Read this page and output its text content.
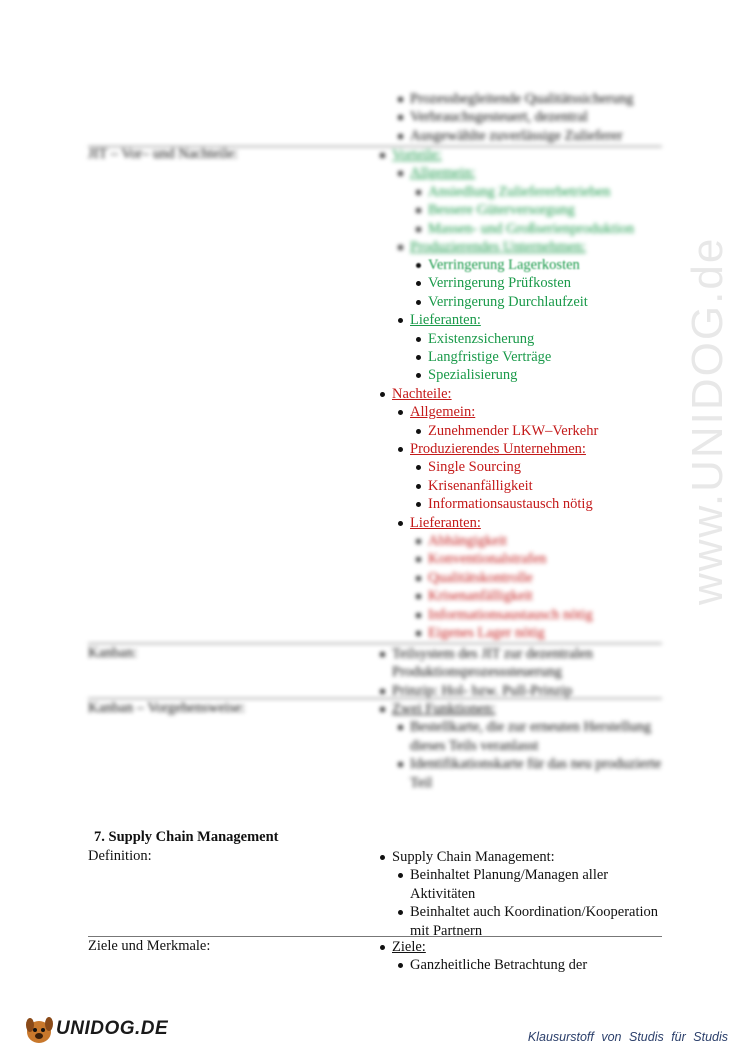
www.UNIDOG.de
Prozessbegleitende Qualitätssicherung
Verbrauchsgesteuert, dezentral
Ausgewählte zuverlässige Zulieferer
JIT – Vor– und Nachteile:	Vorteile:
Allgemein:
Ansiedlung Zuliefererbetrieben
Bessere Güterversorgung
Massen- und Großserienproduktion
Produzierendes Unternehmen:
Verringerung Lagerkosten
Verringerung Prüfkosten
Verringerung Durchlaufzeit
Lieferanten:
Existenzsicherung
Langfristige Verträge
Spezialisierung
Nachteile:
Allgemein:
Zunehmender LKW–Verkehr
Produzierendes Unternehmen:
Single Sourcing
Krisenanfälligkeit
Informationsaustausch nötig
Lieferanten:
Abhängigkeit
Konventionalstrafen
Qualitätskontrolle
Krisenanfälligkeit
Informationsaustausch nötig
Eigenes Lager nötig
Kanban:	Teilsystem des JIT zur dezentralen Produktionsprozesssteuerung
Prinzip: Hol- bzw. Pull-Prinzip
Kanban – Vorgehensweise:	Zwei Funktionen:
Bestellkarte, die zur erneuten Herstellung dieses Teils veranlasst
Identifikationskarte für das neu produzierte Teil
7. Supply Chain Management
Definition:	Supply Chain Management:
Beinhaltet Planung/Managen aller Aktivitäten
Beinhaltet auch Koordination/Kooperation mit Partnern
Ziele und Merkmale:	Ziele:
Ganzheitliche Betrachtung der
UNIDOG.DE	Klausurstoff von Studis für Studis
